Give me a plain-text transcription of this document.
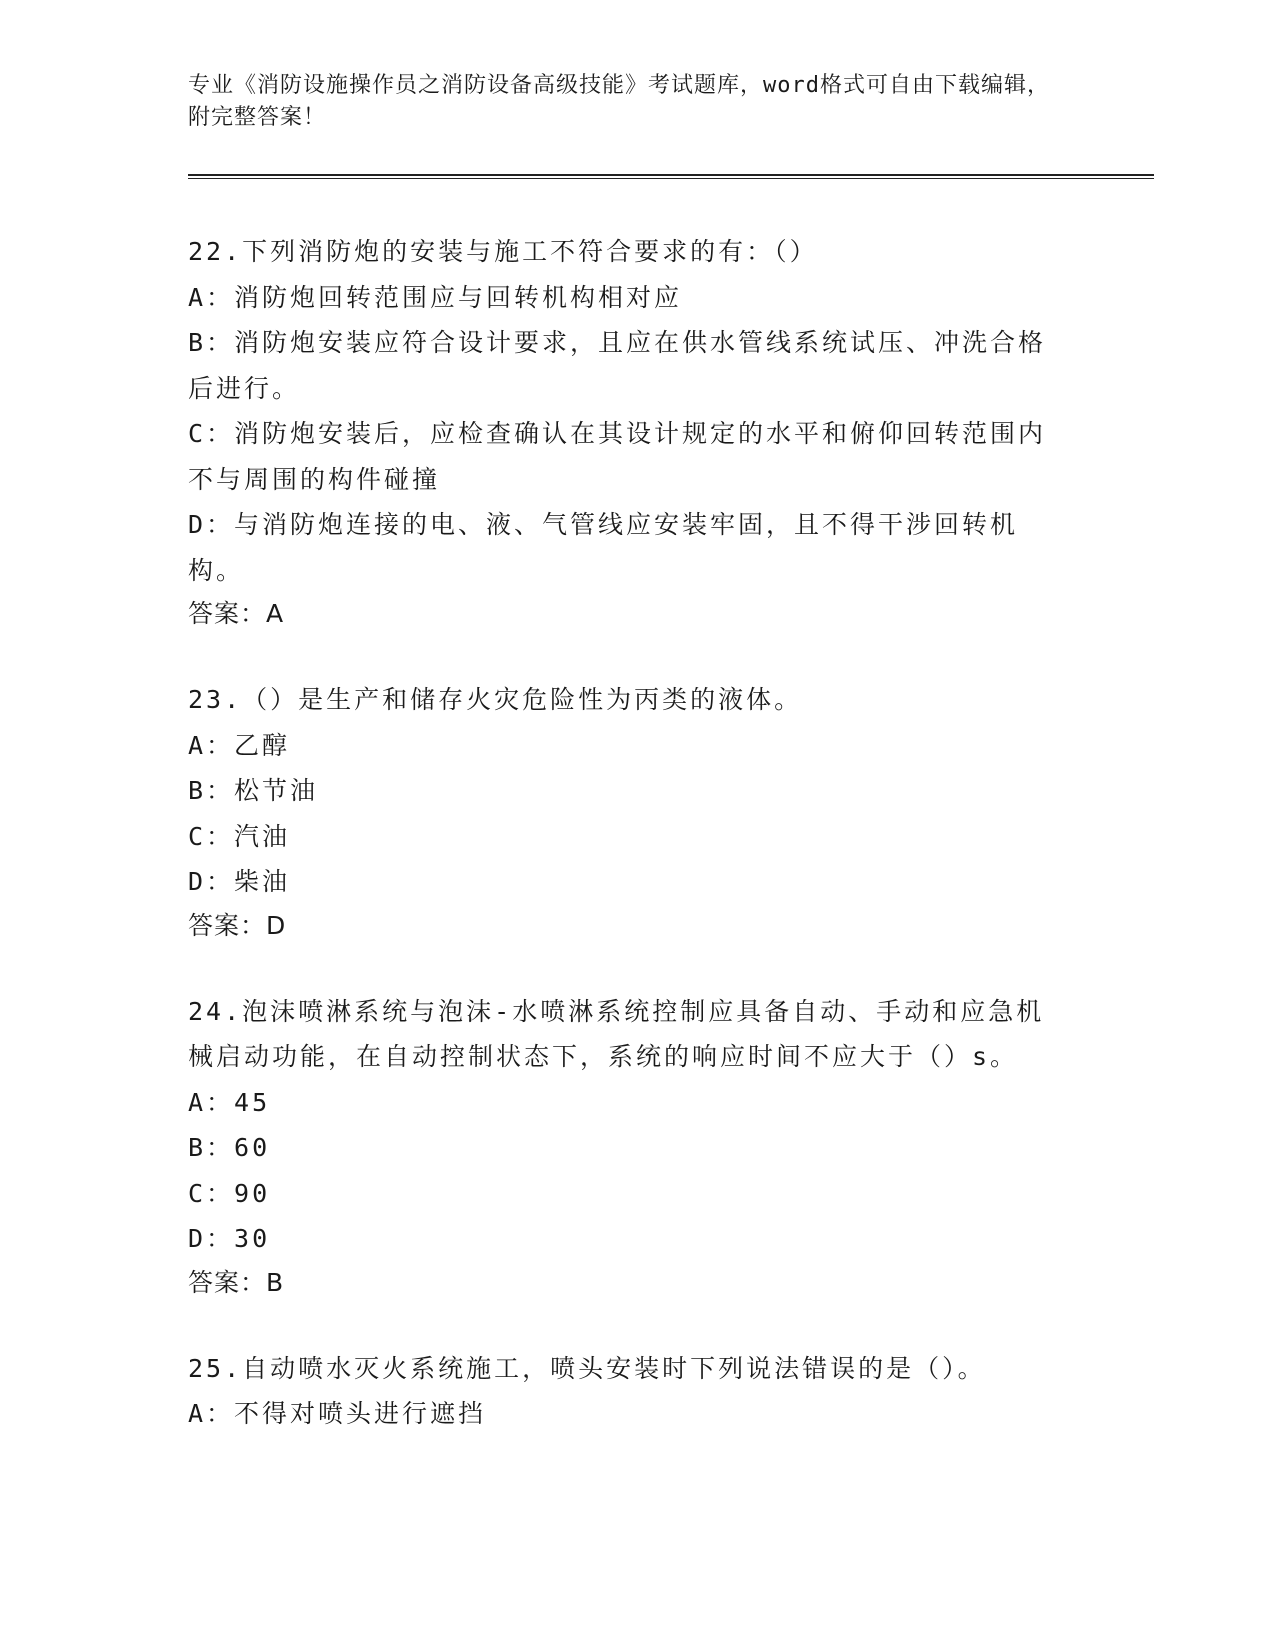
专业《消防设施操作员之消防设备高级技能》考试题库，word格式可自由下载编辑，附完整答案！

22.下列消防炮的安装与施工不符合要求的有：（）

A：消防炮回转范围应与回转机构相对应

B：消防炮安装应符合设计要求，且应在供水管线系统试压、冲洗合格后进行。

C：消防炮安装后，应检查确认在其设计规定的水平和俯仰回转范围内不与周围的构件碰撞

D：与消防炮连接的电、液、气管线应安装牢固，且不得干涉回转机构。

答案：A

23.（）是生产和储存火灾危险性为丙类的液体。

A：乙醇

B：松节油

C：汽油

D：柴油

答案：D

24.泡沫喷淋系统与泡沫-水喷淋系统控制应具备自动、手动和应急机械启动功能，在自动控制状态下，系统的响应时间不应大于（）s。

A：45

B：60

C：90

D：30

答案：B

25.自动喷水灭火系统施工，喷头安装时下列说法错误的是（）。

A：不得对喷头进行遮挡
